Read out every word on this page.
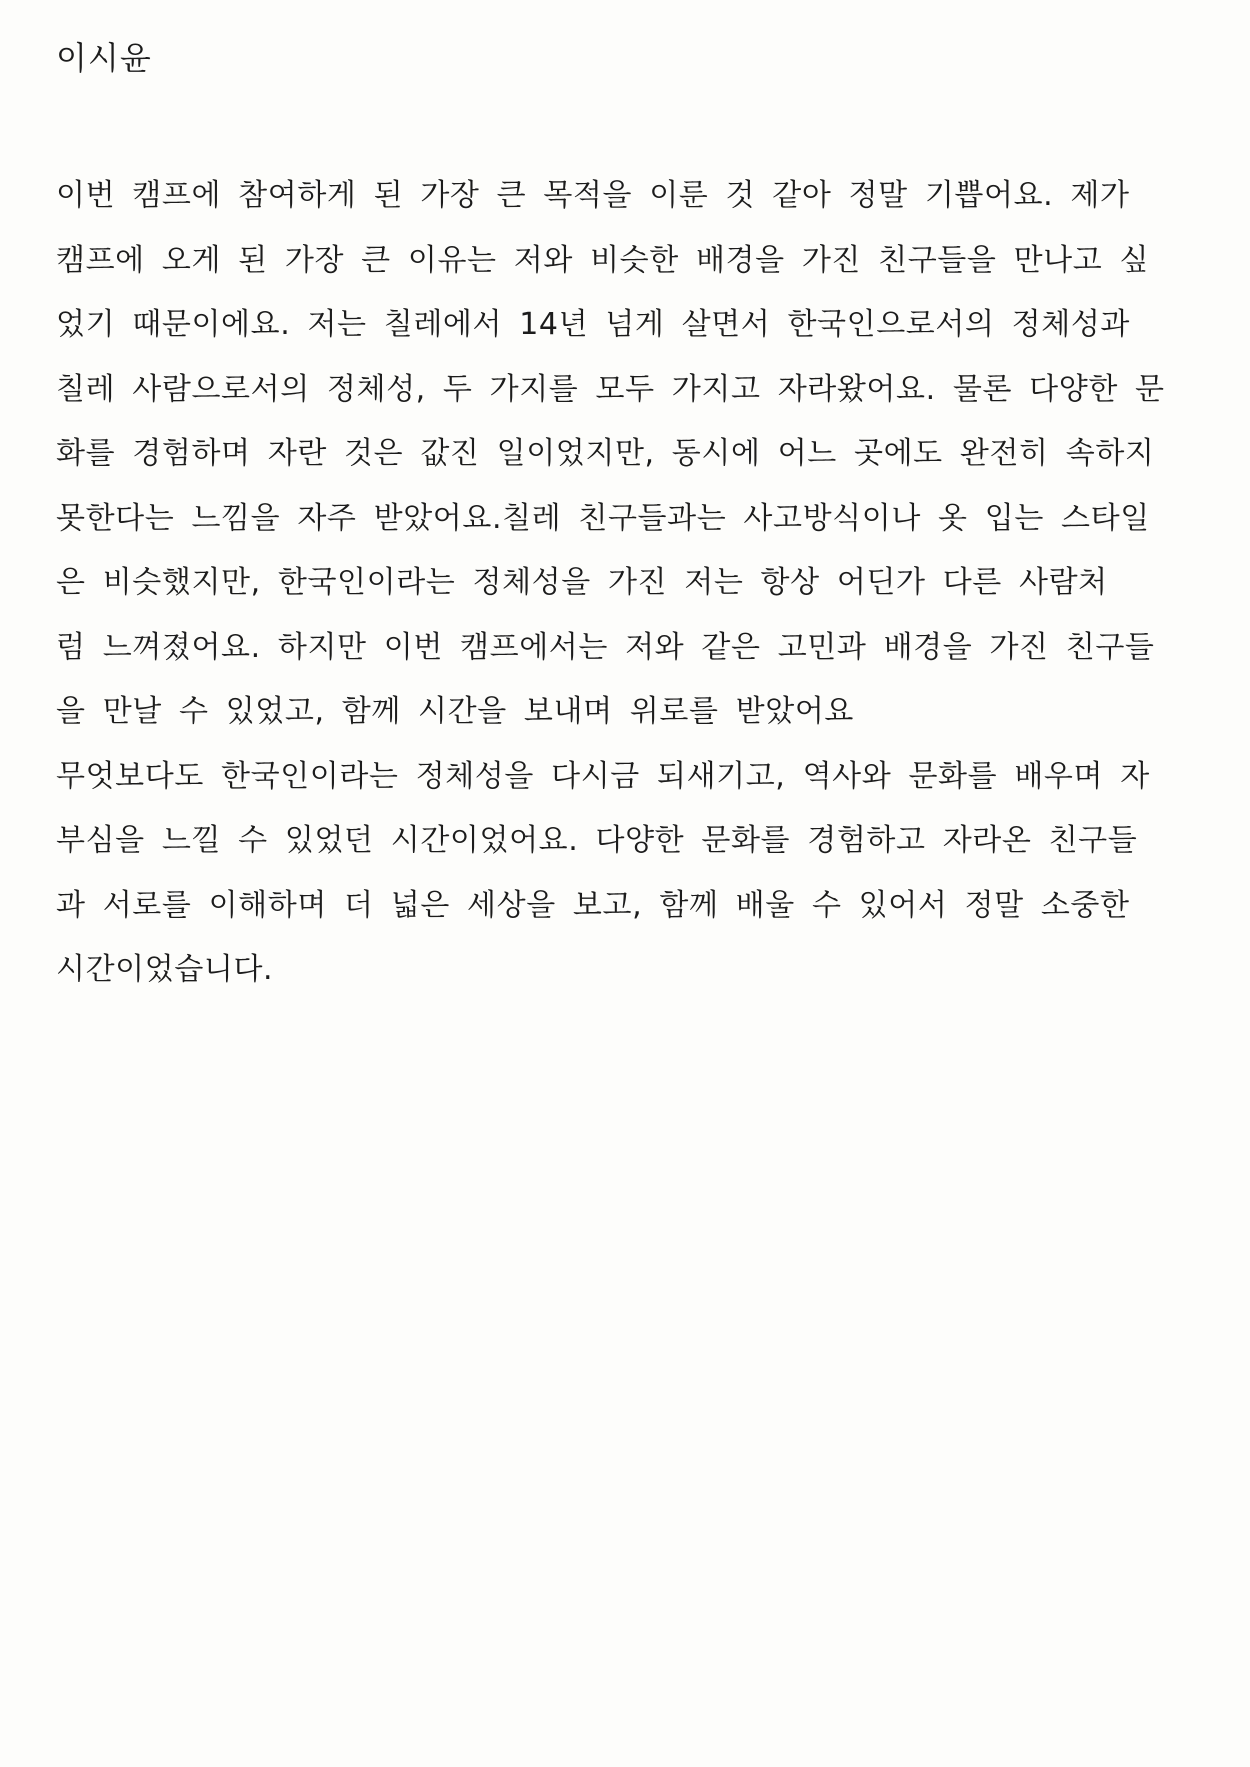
이시윤
이번 캠프에 참여하게 된 가장 큰 목적을 이룬 것 같아 정말 기쁩어요. 제가
캠프에 오게 된 가장 큰 이유는 저와 비슷한 배경을 가진 친구들을 만나고 싶
었기 때문이에요. 저는 칠레에서 14년 넘게 살면서 한국인으로서의 정체성과
칠레 사람으로서의 정체성, 두 가지를 모두 가지고 자라왔어요. 물론 다양한 문
화를 경험하며 자란 것은 값진 일이었지만, 동시에 어느 곳에도 완전히 속하지
못한다는 느낌을 자주 받았어요.칠레 친구들과는 사고방식이나 옷 입는 스타일
은 비슷했지만, 한국인이라는 정체성을 가진 저는 항상 어딘가 다른 사람처
럼 느껴졌어요. 하지만 이번 캠프에서는 저와 같은 고민과 배경을 가진 친구들
을 만날 수 있었고, 함께 시간을 보내며 위로를 받았어요
무엇보다도 한국인이라는 정체성을 다시금 되새기고, 역사와 문화를 배우며 자
부심을 느낄 수 있었던 시간이었어요. 다양한 문화를 경험하고 자라온 친구들
과 서로를 이해하며 더 넓은 세상을 보고, 함께 배울 수 있어서 정말 소중한
시간이었습니다.
